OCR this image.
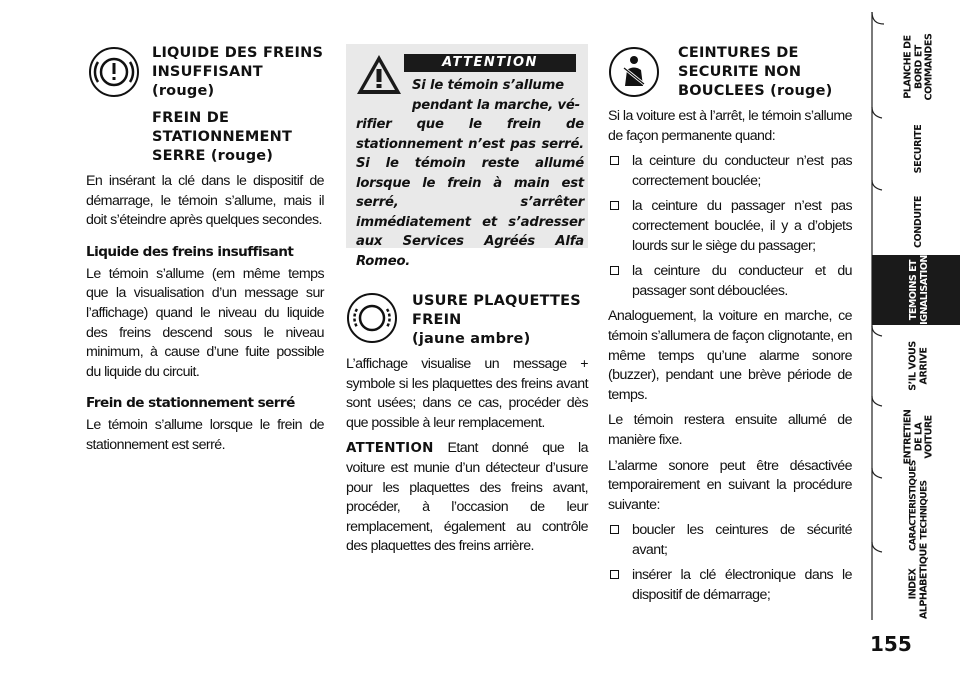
LIQUIDE DES FREINS
INSUFFISANT
(rouge)
FREIN DE
STATIONNEMENT
SERRE (rouge)

En insérant la clé dans le dispositif de démarrage, le témoin s’allume, mais il doit s’éteindre après quelques secondes.

Liquide des freins insuffisant

Le témoin s’allume (em même temps que la visualisation d’un message sur l’affichage) quand le niveau du liquide des freins descend sous le niveau minimum, à cause d’une fuite possible du liquide du circuit.

Frein de stationnement serré

Le témoin s’allume lorsque le frein de stationnement est serré.

ATTENTION
Si le témoin s’allume
pendant la marche, vé-
rifier que le frein de stationnement n’est pas serré. Si le témoin reste allumé lorsque le frein à main est serré, s’arrêter immédiatement et s’adresser aux Services Agréés Alfa Romeo.
USURE PLAQUETTES
FREIN
(jaune ambre)

L’affichage visualise un message + symbole si les plaquettes des freins avant sont usées; dans ce cas, procéder dès que possible à leur remplacement.

ATTENTION Etant donné que la voiture est munie d’un détecteur d’usure pour les plaquettes des freins avant, procéder, à l’occasion de leur remplacement, également au contrôle des plaquettes des freins arrière.

CEINTURES DE
SECURITE NON
BOUCLEES (rouge)

Si la voiture est à l’arrêt, le témoin s’allume de façon permanente quand:

la ceinture du conducteur n’est pas correctement bouclée;
la ceinture du passager n’est pas correctement bouclée, il y a d’objets lourds sur le siège du passager;
la ceinture du conducteur et du passager sont débouclées.

Analoguement, la voiture en marche, ce témoin s’allumera de façon clignotante, en même temps qu’une alarme sonore (buzzer), pendant une brève période de temps.

Le témoin restera ensuite allumé de manière fixe.

L’alarme sonore peut être désactivée temporairement en suivant la procédure suivante:

boucler les ceintures de sécurité avant;
insérer la clé électronique dans le dispositif de démarrage;
PLANCHE DE
BORD ET
COMMANDES
SECURITE
CONDUITE
TEMOINS ET
SIGNALISATIONS
S’IL VOUS
ARRIVE
ENTRETIEN
DE LA VOITURE
CARACTERISTIQUES
TECHNIQUES
INDEX
ALPHABETIQUE
155
